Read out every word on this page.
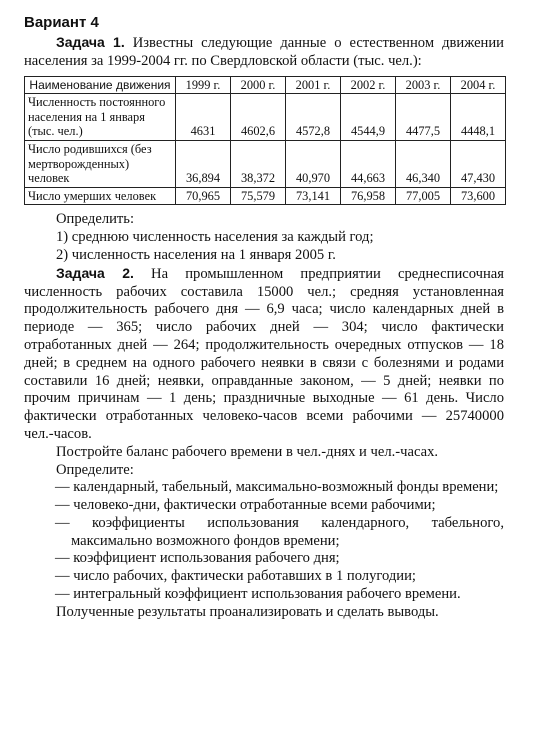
Вариант 4

Задача 1. Известны следующие данные о естественном движении населения за 1999-2004 гг. по Свердловской области (тыс. чел.):

Наименование движения	1999 г.	2000 г.	2001 г.	2002 г.	2003 г.	2004 г.
Численность постоянного населения на 1 января (тыс. чел.)	4631	4602,6	4572,8	4544,9	4477,5	4448,1
Число родившихся (без мертворожденных) человек	36,894	38,372	40,970	44,663	46,340	47,430
Число умерших человек	70,965	75,579	73,141	76,958	77,005	73,600

Определить:

1) среднюю численность населения за каждый год;

2) численность населения на 1 января 2005 г.

Задача 2. На промышленном предприятии среднесписочная численность рабочих составила 15000 чел.; средняя установленная продолжительность рабочего дня — 6,9 часа; число календарных дней в периоде — 365; число рабочих дней — 304; число фактически отработанных дней — 264; продолжительность очередных отпусков — 18 дней; в среднем на одного рабочего неявки в связи с болезнями и родами составили 16 дней; неявки, оправданные законом, — 5 дней; неявки по прочим причинам — 1 день; праздничные выходные — 61 день. Число фактически отработанных человеко-часов всеми рабочими — 25740000 чел.-часов.

Постройте баланс рабочего времени в чел.-днях и чел.-часах.

Определите:

— календарный, табельный, максимально-возможный фонды времени;

— человеко-дни, фактически отработанные всеми рабочими;

— коэффициенты использования календарного, табельного, максимально возможного фондов времени;

— коэффициент использования рабочего дня;

— число рабочих, фактически работавших в 1 полугодии;

— интегральный коэффициент использования рабочего времени.

Полученные результаты проанализировать и сделать выводы.
